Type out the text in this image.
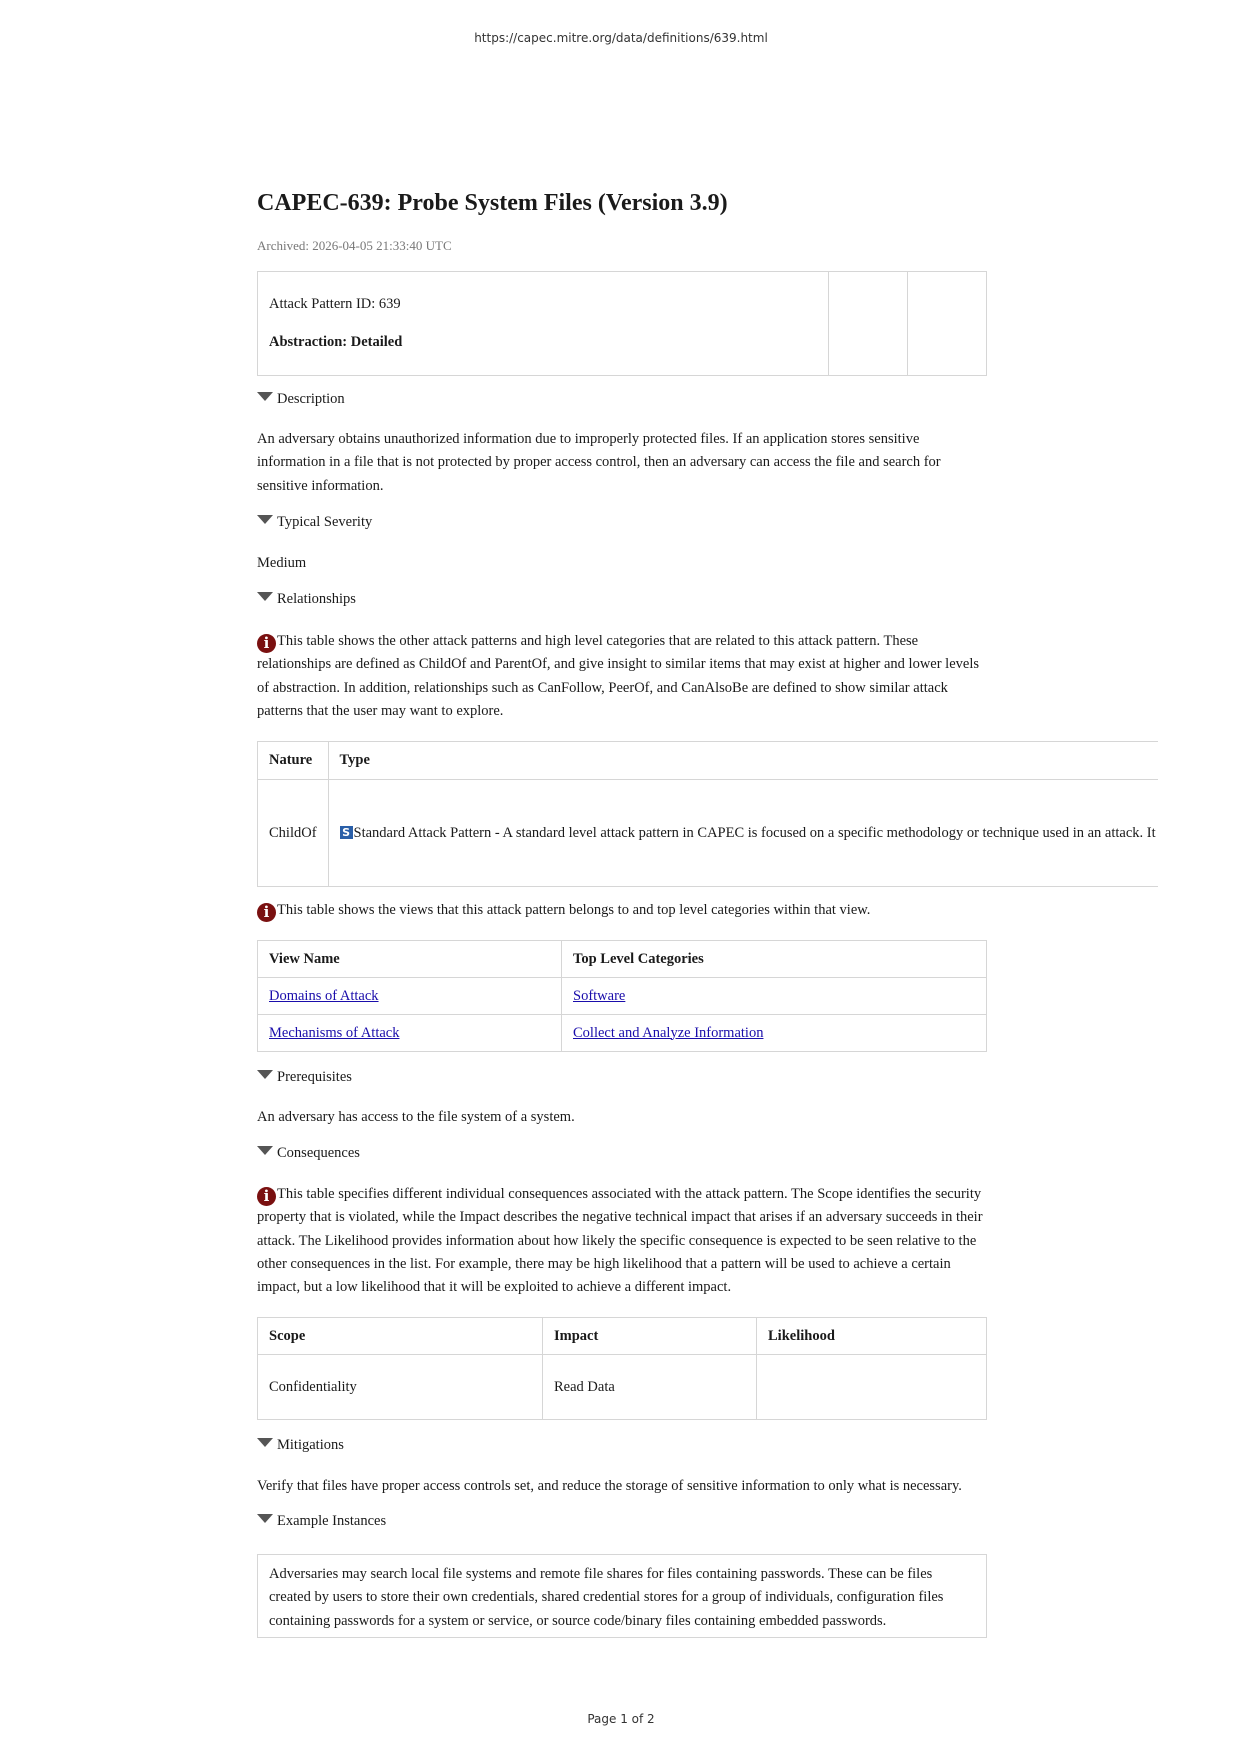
https://capec.mitre.org/data/definitions/639.html
CAPEC-639: Probe System Files (Version 3.9)
Archived: 2026-04-05 21:33:40 UTC
Attack Pattern ID: 639
Abstraction: Detailed
Description
An adversary obtains unauthorized information due to improperly protected files. If an application stores sensitive information in a file that is not protected by proper access control, then an adversary can access the file and search for sensitive information.
Typical Severity
Medium
Relationships
i This table shows the other attack patterns and high level categories that are related to this attack pattern. These relationships are defined as ChildOf and ParentOf, and give insight to similar items that may exist at higher and lower levels of abstraction. In addition, relationships such as CanFollow, PeerOf, and CanAlsoBe are defined to show similar attack patterns that the user may want to explore.
Nature	Type
ChildOf	S Standard Attack Pattern - A standard level attack pattern in CAPEC is focused on a specific methodology or technique used in an attack. It
i This table shows the views that this attack pattern belongs to and top level categories within that view.
View Name	Top Level Categories
Domains of Attack	Software
Mechanisms of Attack	Collect and Analyze Information
Prerequisites
An adversary has access to the file system of a system.
Consequences
i This table specifies different individual consequences associated with the attack pattern. The Scope identifies the security property that is violated, while the Impact describes the negative technical impact that arises if an adversary succeeds in their attack. The Likelihood provides information about how likely the specific consequence is expected to be seen relative to the other consequences in the list. For example, there may be high likelihood that a pattern will be used to achieve a certain impact, but a low likelihood that it will be exploited to achieve a different impact.
Scope	Impact	Likelihood
Confidentiality	Read Data	
Mitigations
Verify that files have proper access controls set, and reduce the storage of sensitive information to only what is necessary.
Example Instances
Adversaries may search local file systems and remote file shares for files containing passwords. These can be files created by users to store their own credentials, shared credential stores for a group of individuals, configuration files containing passwords for a system or service, or source code/binary files containing embedded passwords.
Page 1 of 2
